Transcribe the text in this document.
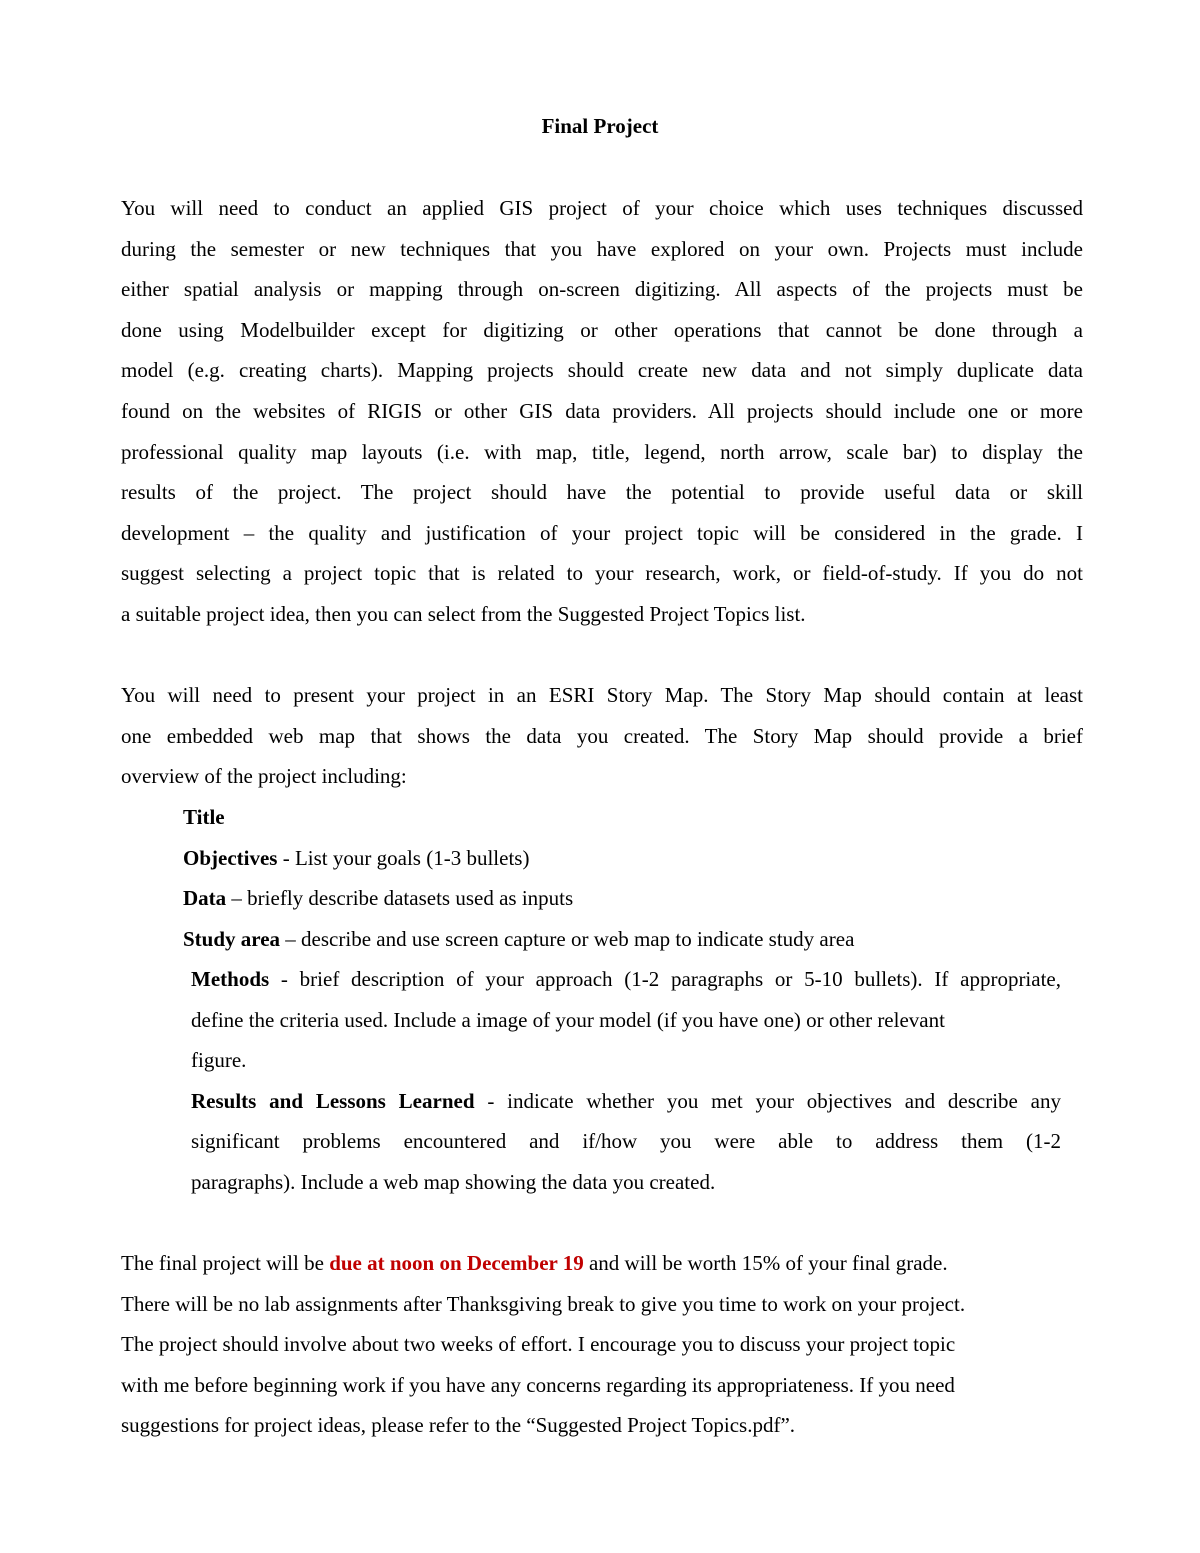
Final Project
You will need to conduct an applied GIS project of your choice which uses techniques discussed
during the semester or new techniques that you have explored on your own. Projects must include
either spatial analysis or mapping through on-screen digitizing. All aspects of the projects must be
done using Modelbuilder except for digitizing or other operations that cannot be done through a
model (e.g. creating charts). Mapping projects should create new data and not simply duplicate data
found on the websites of RIGIS or other GIS data providers. All projects should include one or more
professional quality map layouts (i.e. with map, title, legend, north arrow, scale bar) to display the
results of the project. The project should have the potential to provide useful data or skill
development – the quality and justification of your project topic will be considered in the grade. I
suggest selecting a project topic that is related to your research, work, or field-of-study. If you do not
a suitable project idea, then you can select from the Suggested Project Topics list.
You will need to present your project in an ESRI Story Map. The Story Map should contain at least
one embedded web map that shows the data you created. The Story Map should provide a brief
overview of the project including:
Title
Objectives - List your goals (1-3 bullets)
Data – briefly describe datasets used as inputs
Study area – describe and use screen capture or web map to indicate study area
Methods - brief description of your approach (1-2 paragraphs or 5-10 bullets). If appropriate,
define the criteria used. Include a image of your model (if you have one) or other relevant
figure.
Results and Lessons Learned - indicate whether you met your objectives and describe any
significant problems encountered and if/how you were able to address them (1-2
paragraphs). Include a web map showing the data you created.
The final project will be due at noon on December 19 and will be worth 15% of your final grade.
There will be no lab assignments after Thanksgiving break to give you time to work on your project.
The project should involve about two weeks of effort. I encourage you to discuss your project topic
with me before beginning work if you have any concerns regarding its appropriateness. If you need
suggestions for project ideas, please refer to the “Suggested Project Topics.pdf”.
